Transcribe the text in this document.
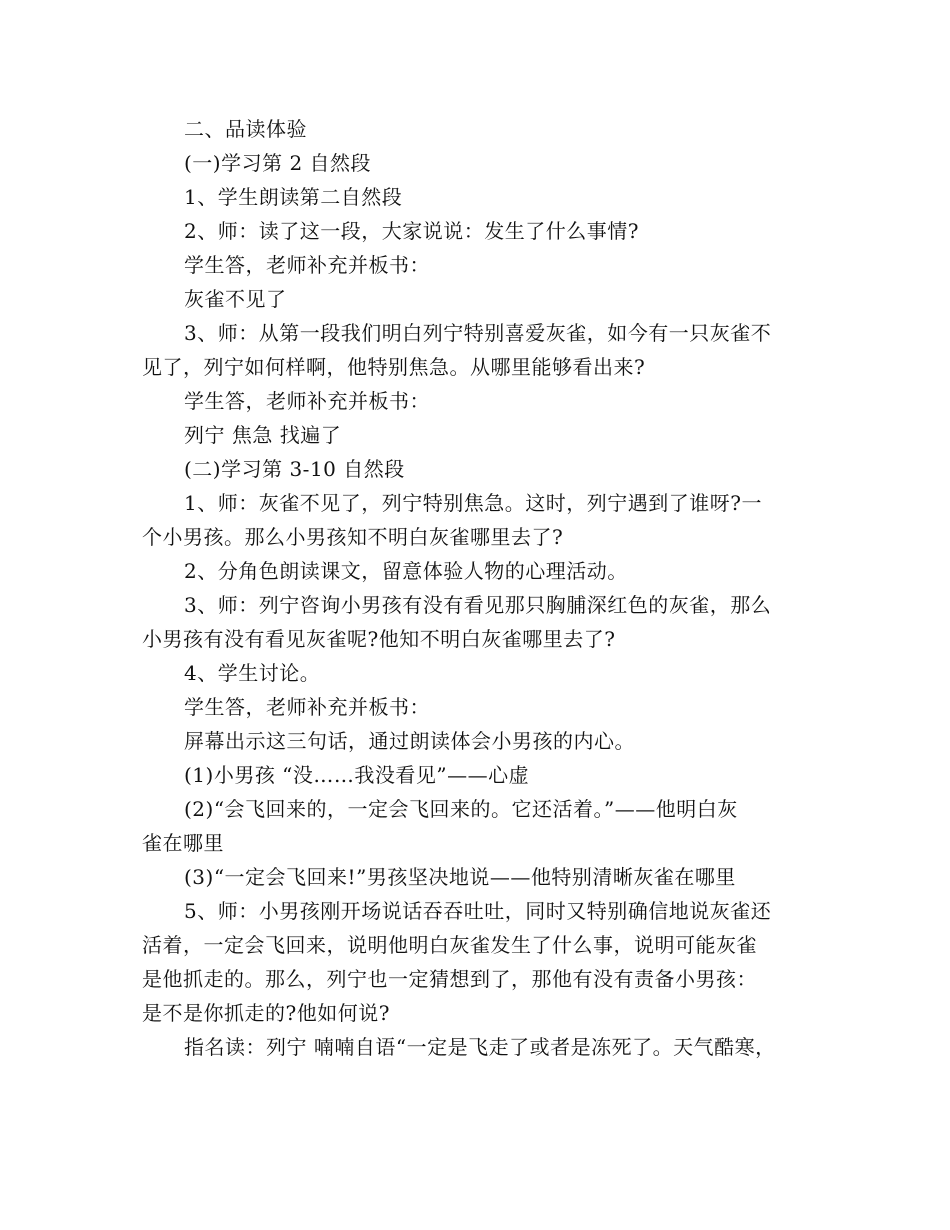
二、品读体验
(一)学习第 2 自然段
1、学生朗读第二自然段
2、师：读了这一段，大家说说：发生了什么事情?
学生答，老师补充并板书：
灰雀不见了
3、师：从第一段我们明白列宁特别喜爱灰雀，如今有一只灰雀不
见了，列宁如何样啊，他特别焦急。从哪里能够看出来?
学生答，老师补充并板书：
列宁 焦急 找遍了
(二)学习第 3-10 自然段
1、师：灰雀不见了，列宁特别焦急。这时，列宁遇到了谁呀?一
个小男孩。那么小男孩知不明白灰雀哪里去了?
2、分角色朗读课文，留意体验人物的心理活动。
3、师：列宁咨询小男孩有没有看见那只胸脯深红色的灰雀，那么
小男孩有没有看见灰雀呢?他知不明白灰雀哪里去了?
4、学生讨论。
学生答，老师补充并板书：
屏幕出示这三句话，通过朗读体会小男孩的内心。
(1)小男孩 “没……我没看见”——心虚
(2)“会飞回来的，一定会飞回来的。它还活着。”——他明白灰
雀在哪里
(3)“一定会飞回来!”男孩坚决地说——他特别清晰灰雀在哪里
5、师：小男孩刚开场说话吞吞吐吐，同时又特别确信地说灰雀还
活着，一定会飞回来，说明他明白灰雀发生了什么事，说明可能灰雀
是他抓走的。那么，列宁也一定猜想到了，那他有没有责备小男孩：
是不是你抓走的?他如何说?
指名读：列宁 喃喃自语“一定是飞走了或者是冻死了。天气酷寒，
